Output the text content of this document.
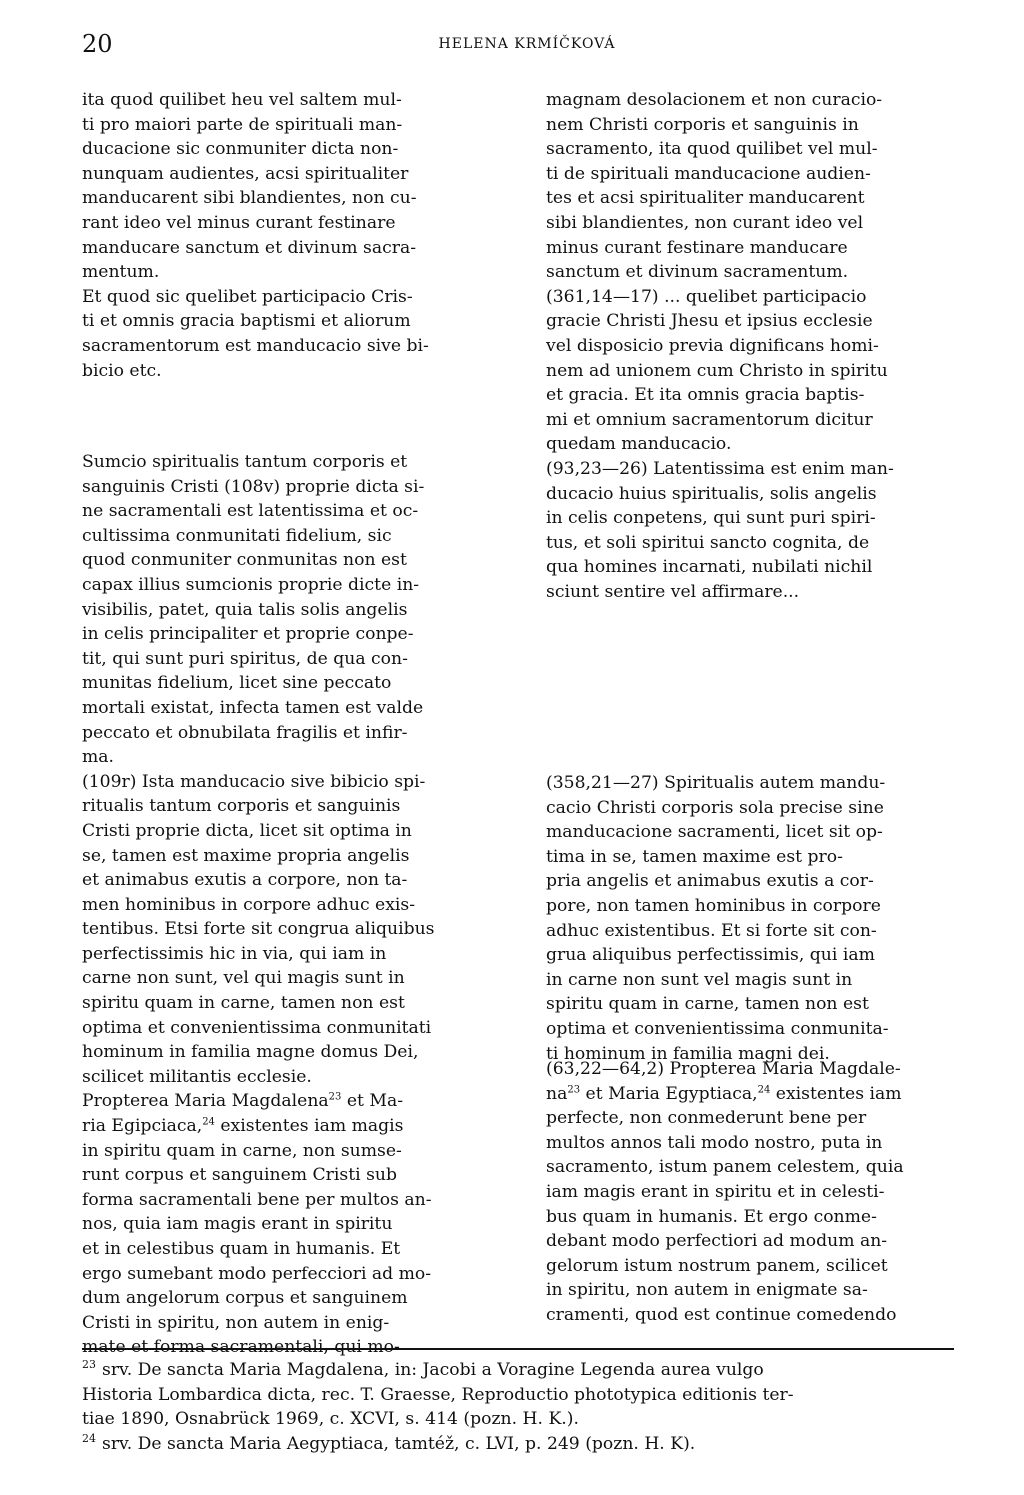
20	HELENA KRMÍČKOVÁ

ita quod quilibet heu vel saltem mul-

ti pro maiori parte de spirituali man-

ducacione sic conmuniter dicta non-

nunquam audientes, acsi spiritualiter

manducarent sibi blandientes, non cu-

rant ideo vel minus curant festinare

manducare sanctum et divinum sacra-

mentum.

Et quod sic quelibet participacio Cris-

ti et omnis gracia baptismi et aliorum

sacramentorum est manducacio sive bi-

bicio etc.

Sumcio spiritualis tantum corporis et

sanguinis Cristi (108v) proprie dicta si-

ne sacramentali est latentissima et oc-

cultissima conmunitati fidelium, sic

quod conmuniter conmunitas non est

capax illius sumcionis proprie dicte in-

visibilis, patet, quia talis solis angelis

in celis principaliter et proprie conpe-

tit, qui sunt puri spiritus, de qua con-

munitas fidelium, licet sine peccato

mortali existat, infecta tamen est valde

peccato et obnubilata fragilis et infir-

ma.

(109r) Ista manducacio sive bibicio spi-

ritualis tantum corporis et sanguinis

Cristi proprie dicta, licet sit optima in

se, tamen est maxime propria angelis

et animabus exutis a corpore, non ta-

men hominibus in corpore adhuc exis-

tentibus. Etsi forte sit congrua aliquibus

perfectissimis hic in via, qui iam in

carne non sunt, vel qui magis sunt in

spiritu quam in carne, tamen non est

optima et convenientissima conmunitati

hominum in familia magne domus Dei,

scilicet militantis ecclesie.

Propterea Maria Magdalena$^{23}$ et Ma-

ria Egipciaca,$^{24}$ existentes iam magis

in spiritu quam in carne, non sumse-

runt corpus et sanguinem Cristi sub

forma sacramentali bene per multos an-

nos, quia iam magis erant in spiritu

et in celestibus quam in humanis. Et

ergo sumebant modo perfecciori ad mo-

dum angelorum corpus et sanguinem

Cristi in spiritu, non autem in enig-

mate et forma sacramentali, qui mo-

magnam desolacionem et non curacio-

nem Christi corporis et sanguinis in

sacramento, ita quod quilibet vel mul-

ti de spirituali manducacione audien-

tes et acsi spiritualiter manducarent

sibi blandientes, non curant ideo vel

minus curant festinare manducare

sanctum et divinum sacramentum.

(361,14—17) ... quelibet participacio

gracie Christi Jhesu et ipsius ecclesie

vel disposicio previa dignificans homi-

nem ad unionem cum Christo in spiritu

et gracia. Et ita omnis gracia baptis-

mi et omnium sacramentorum dicitur

quedam manducacio.

(93,23—26) Latentissima est enim man-

ducacio huius spiritualis, solis angelis

in celis conpetens, qui sunt puri spiri-

tus, et soli spiritui sancto cognita, de

qua homines incarnati, nubilati nichil

sciunt sentire vel affirmare...

(358,21—27) Spiritualis autem mandu-

cacio Christi corporis sola precise sine

manducacione sacramenti, licet sit op-

tima in se, tamen maxime est pro-

pria angelis et animabus exutis a cor-

pore, non tamen hominibus in corpore

adhuc existentibus. Et si forte sit con-

grua aliquibus perfectissimis, qui iam

in carne non sunt vel magis sunt in

spiritu quam in carne, tamen non est

optima et convenientissima conmunita-

ti hominum in familia magni dei.

(63,22—64,2) Propterea Maria Magdale-

$na^{23}$ et Maria Egyptiaca,$^{24}$ existentes iam

perfecte, non conmederunt bene per

multos annos tali modo nostro, puta in

sacramento, istum panem celestem, quia

iam magis erant in spiritu et in celesti-

bus quam in humanis. Et ergo conme-

debant modo perfectiori ad modum an-

gelorum istum nostrum panem, scilicet

in spiritu, non autem in enigmate sa-

cramenti, quod est continue comedendo

$^{23}$ srv. De sancta Maria Magdalena, in: Jacobi a Voragine Legenda aurea vulgo

Historia Lombardica dicta, rec. T. Graesse, Reproductio phototypica editionis ter-

tiae 1890, Osnabrück 1969, c. XCVI, s. 414 (pozn. H. K.).

$^{24}$ srv. De sancta Maria Aegyptiaca, tamtéž, c. LVI, p. 249 (pozn. H. K).
